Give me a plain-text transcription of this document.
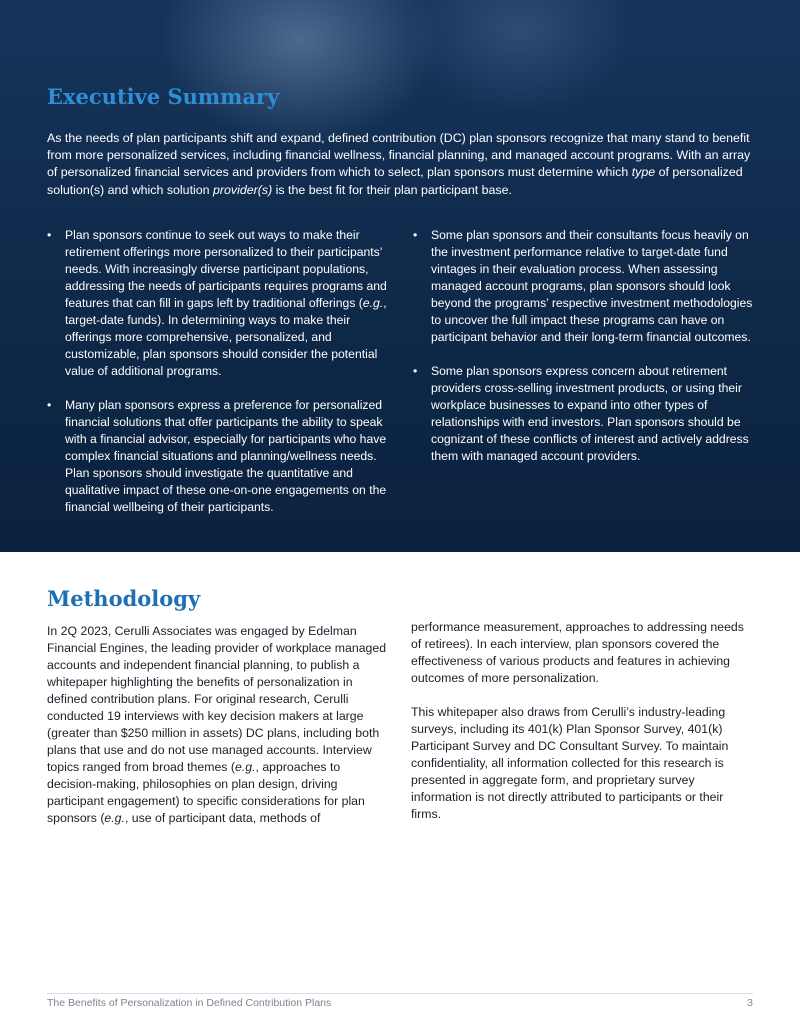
Executive Summary

As the needs of plan participants shift and expand, defined contribution (DC) plan sponsors recognize that many stand to benefit from more personalized services, including financial wellness, financial planning, and managed account programs. With an array of personalized financial services and providers from which to select, plan sponsors must determine which type of personalized solution(s) and which solution provider(s) is the best fit for their plan participant base.

• Plan sponsors continue to seek out ways to make their retirement offerings more personalized to their participants’ needs. With increasingly diverse participant populations, addressing the needs of participants requires programs and features that can fill in gaps left by traditional offerings (e.g., target-date funds). In determining ways to make their offerings more comprehensive, personalized, and customizable, plan sponsors should consider the potential value of additional programs.
• Many plan sponsors express a preference for personalized financial solutions that offer participants the ability to speak with a financial advisor, especially for participants who have complex financial situations and planning/wellness needs. Plan sponsors should investigate the quantitative and qualitative impact of these one-on-one engagements on the financial wellbeing of their participants.
• Some plan sponsors and their consultants focus heavily on the investment performance relative to target-date fund vintages in their evaluation process. When assessing managed account programs, plan sponsors should look beyond the programs’ respective investment methodologies to uncover the full impact these programs can have on participant behavior and their long-term financial outcomes.
• Some plan sponsors express concern about retirement providers cross-selling investment products, or using their workplace businesses to expand into other types of relationships with end investors. Plan sponsors should be cognizant of these conflicts of interest and actively address them with managed account providers.
Methodology

In 2Q 2023, Cerulli Associates was engaged by Edelman Financial Engines, the leading provider of workplace managed accounts and independent financial planning, to publish a whitepaper highlighting the benefits of personalization in defined contribution plans. For original research, Cerulli conducted 19 interviews with key decision makers at large (greater than $250 million in assets) DC plans, including both plans that use and do not use managed accounts. Interview topics ranged from broad themes (e.g., approaches to decision-making, philosophies on plan design, driving participant engagement) to specific considerations for plan sponsors (e.g., use of participant data, methods of

performance measurement, approaches to addressing needs of retirees). In each interview, plan sponsors covered the effectiveness of various products and features in achieving outcomes of more personalization.

This whitepaper also draws from Cerulli’s industry-leading surveys, including its 401(k) Plan Sponsor Survey, 401(k) Participant Survey and DC Consultant Survey. To maintain confidentiality, all information collected for this research is presented in aggregate form, and proprietary survey information is not directly attributed to participants or their firms.

The Benefits of Personalization in Defined Contribution Plans	3
